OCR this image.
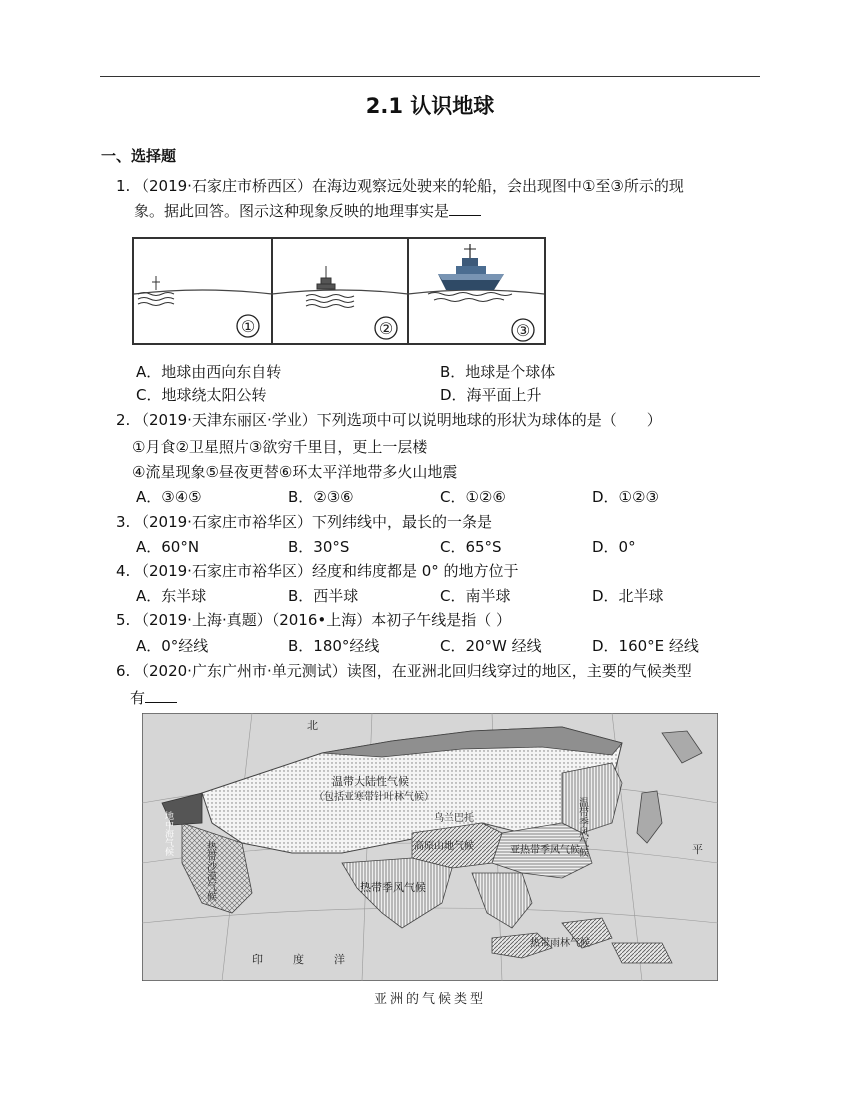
2.1 认识地球
一、选择题
1. （2019·石家庄市桥西区）在海边观察远处驶来的轮船，会出现图中①至③所示的现
象。据此回答。图示这种现象反映的地理事实是
①	②	③
A．地球由西向东自转	B．地球是个球体
C．地球绕太阳公转	D．海平面上升
2. （2019·天津东丽区·学业）下列选项中可以说明地球的形状为球体的是（　　）
①月食②卫星照片③欲穷千里目，更上一层楼
④流星现象⑤昼夜更替⑥环太平洋地带多火山地震
A．③④⑤	B．②③⑥	C．①②⑥	D．①②③
3. （2019·石家庄市裕华区）下列纬线中，最长的一条是
A．60°N	B．30°S	C．65°S	D．0°
4. （2019·石家庄市裕华区）经度和纬度都是 0° 的地方位于
A．东半球	B．西半球	C．南半球	D．北半球
5. （2019·上海·真题）（2016•上海）本初子午线是指（ ）
A．0°经线	B．180°经线	C．20°W 经线	D．160°E 经线
6. （2020·广东广州市·单元测试）读图，在亚洲北回归线穿过的地区，主要的气候类型
有
北
温带大陆性气候
（包括亚寒带针叶林气候）
乌兰巴托	温带季风气候
亚热带季风气候
高原山地气候
地中海气候
热带沙漠气候	热带季风气候
热带雨林气候
印度洋
平
亚洲的气候类型
